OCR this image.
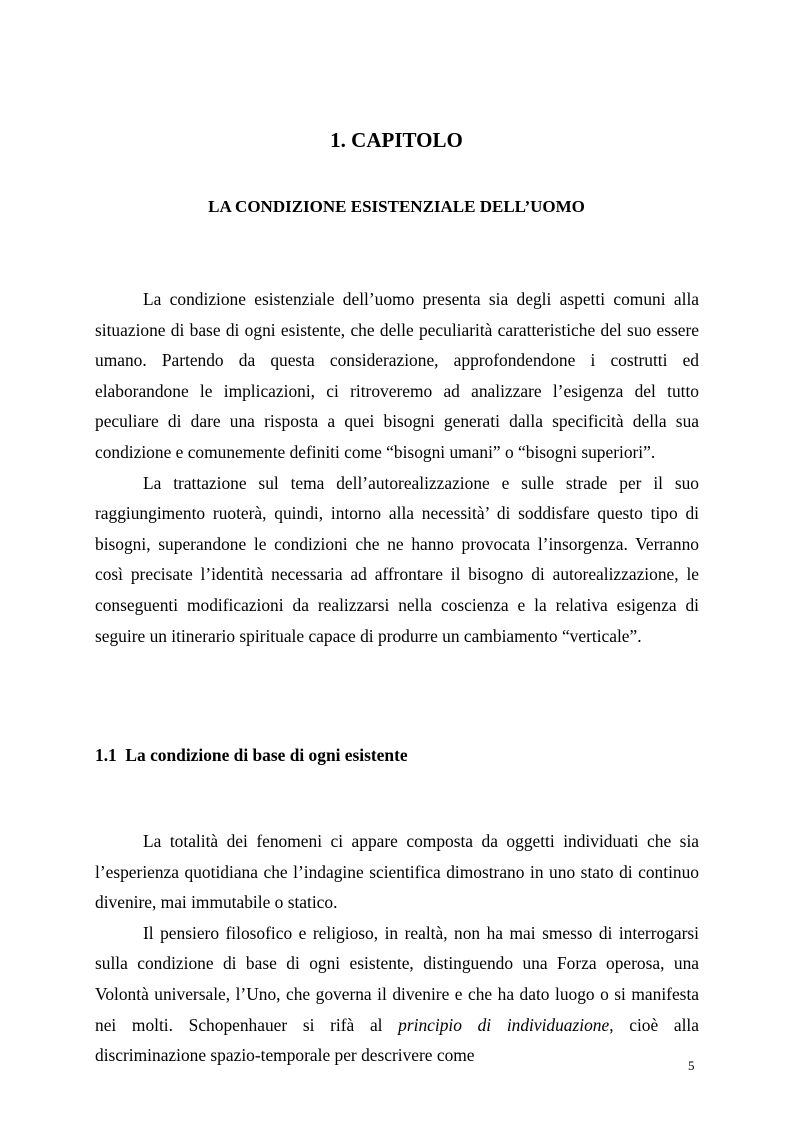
1. CAPITOLO
LA CONDIZIONE ESISTENZIALE DELL’UOMO

La condizione esistenziale dell’uomo presenta sia degli aspetti comuni alla situazione di base di ogni esistente, che delle peculiarità caratteristiche del suo essere umano. Partendo da questa considerazione, approfondendone i costrutti ed elaborandone le implicazioni, ci ritroveremo ad analizzare l’esigenza del tutto peculiare di dare una risposta a quei bisogni generati dalla specificità della sua condizione e comunemente definiti come “bisogni umani” o “bisogni superiori”.

La trattazione sul tema dell’autorealizzazione e sulle strade per il suo raggiungimento ruoterà, quindi, intorno alla necessità’ di soddisfare questo tipo di bisogni, superandone le condizioni che ne hanno provocata l’insorgenza. Verranno così precisate l’identità necessaria ad affrontare il bisogno di autorealizzazione, le conseguenti modificazioni da realizzarsi nella coscienza e la relativa esigenza di seguire un itinerario spirituale capace di produrre un cambiamento “verticale”.

1.1  La condizione di base di ogni esistente

La totalità dei fenomeni ci appare composta da oggetti individuati che sia l’esperienza quotidiana che l’indagine scientifica dimostrano in uno stato di continuo divenire, mai immutabile o statico.

Il pensiero filosofico e religioso, in realtà, non ha mai smesso di interrogarsi sulla condizione di base di ogni esistente, distinguendo una Forza operosa, una Volontà universale, l’Uno, che governa il divenire e che ha dato luogo o si manifesta nei molti. Schopenhauer si rifà al principio di individuazione, cioè alla discriminazione spazio-temporale per descrivere come

5
